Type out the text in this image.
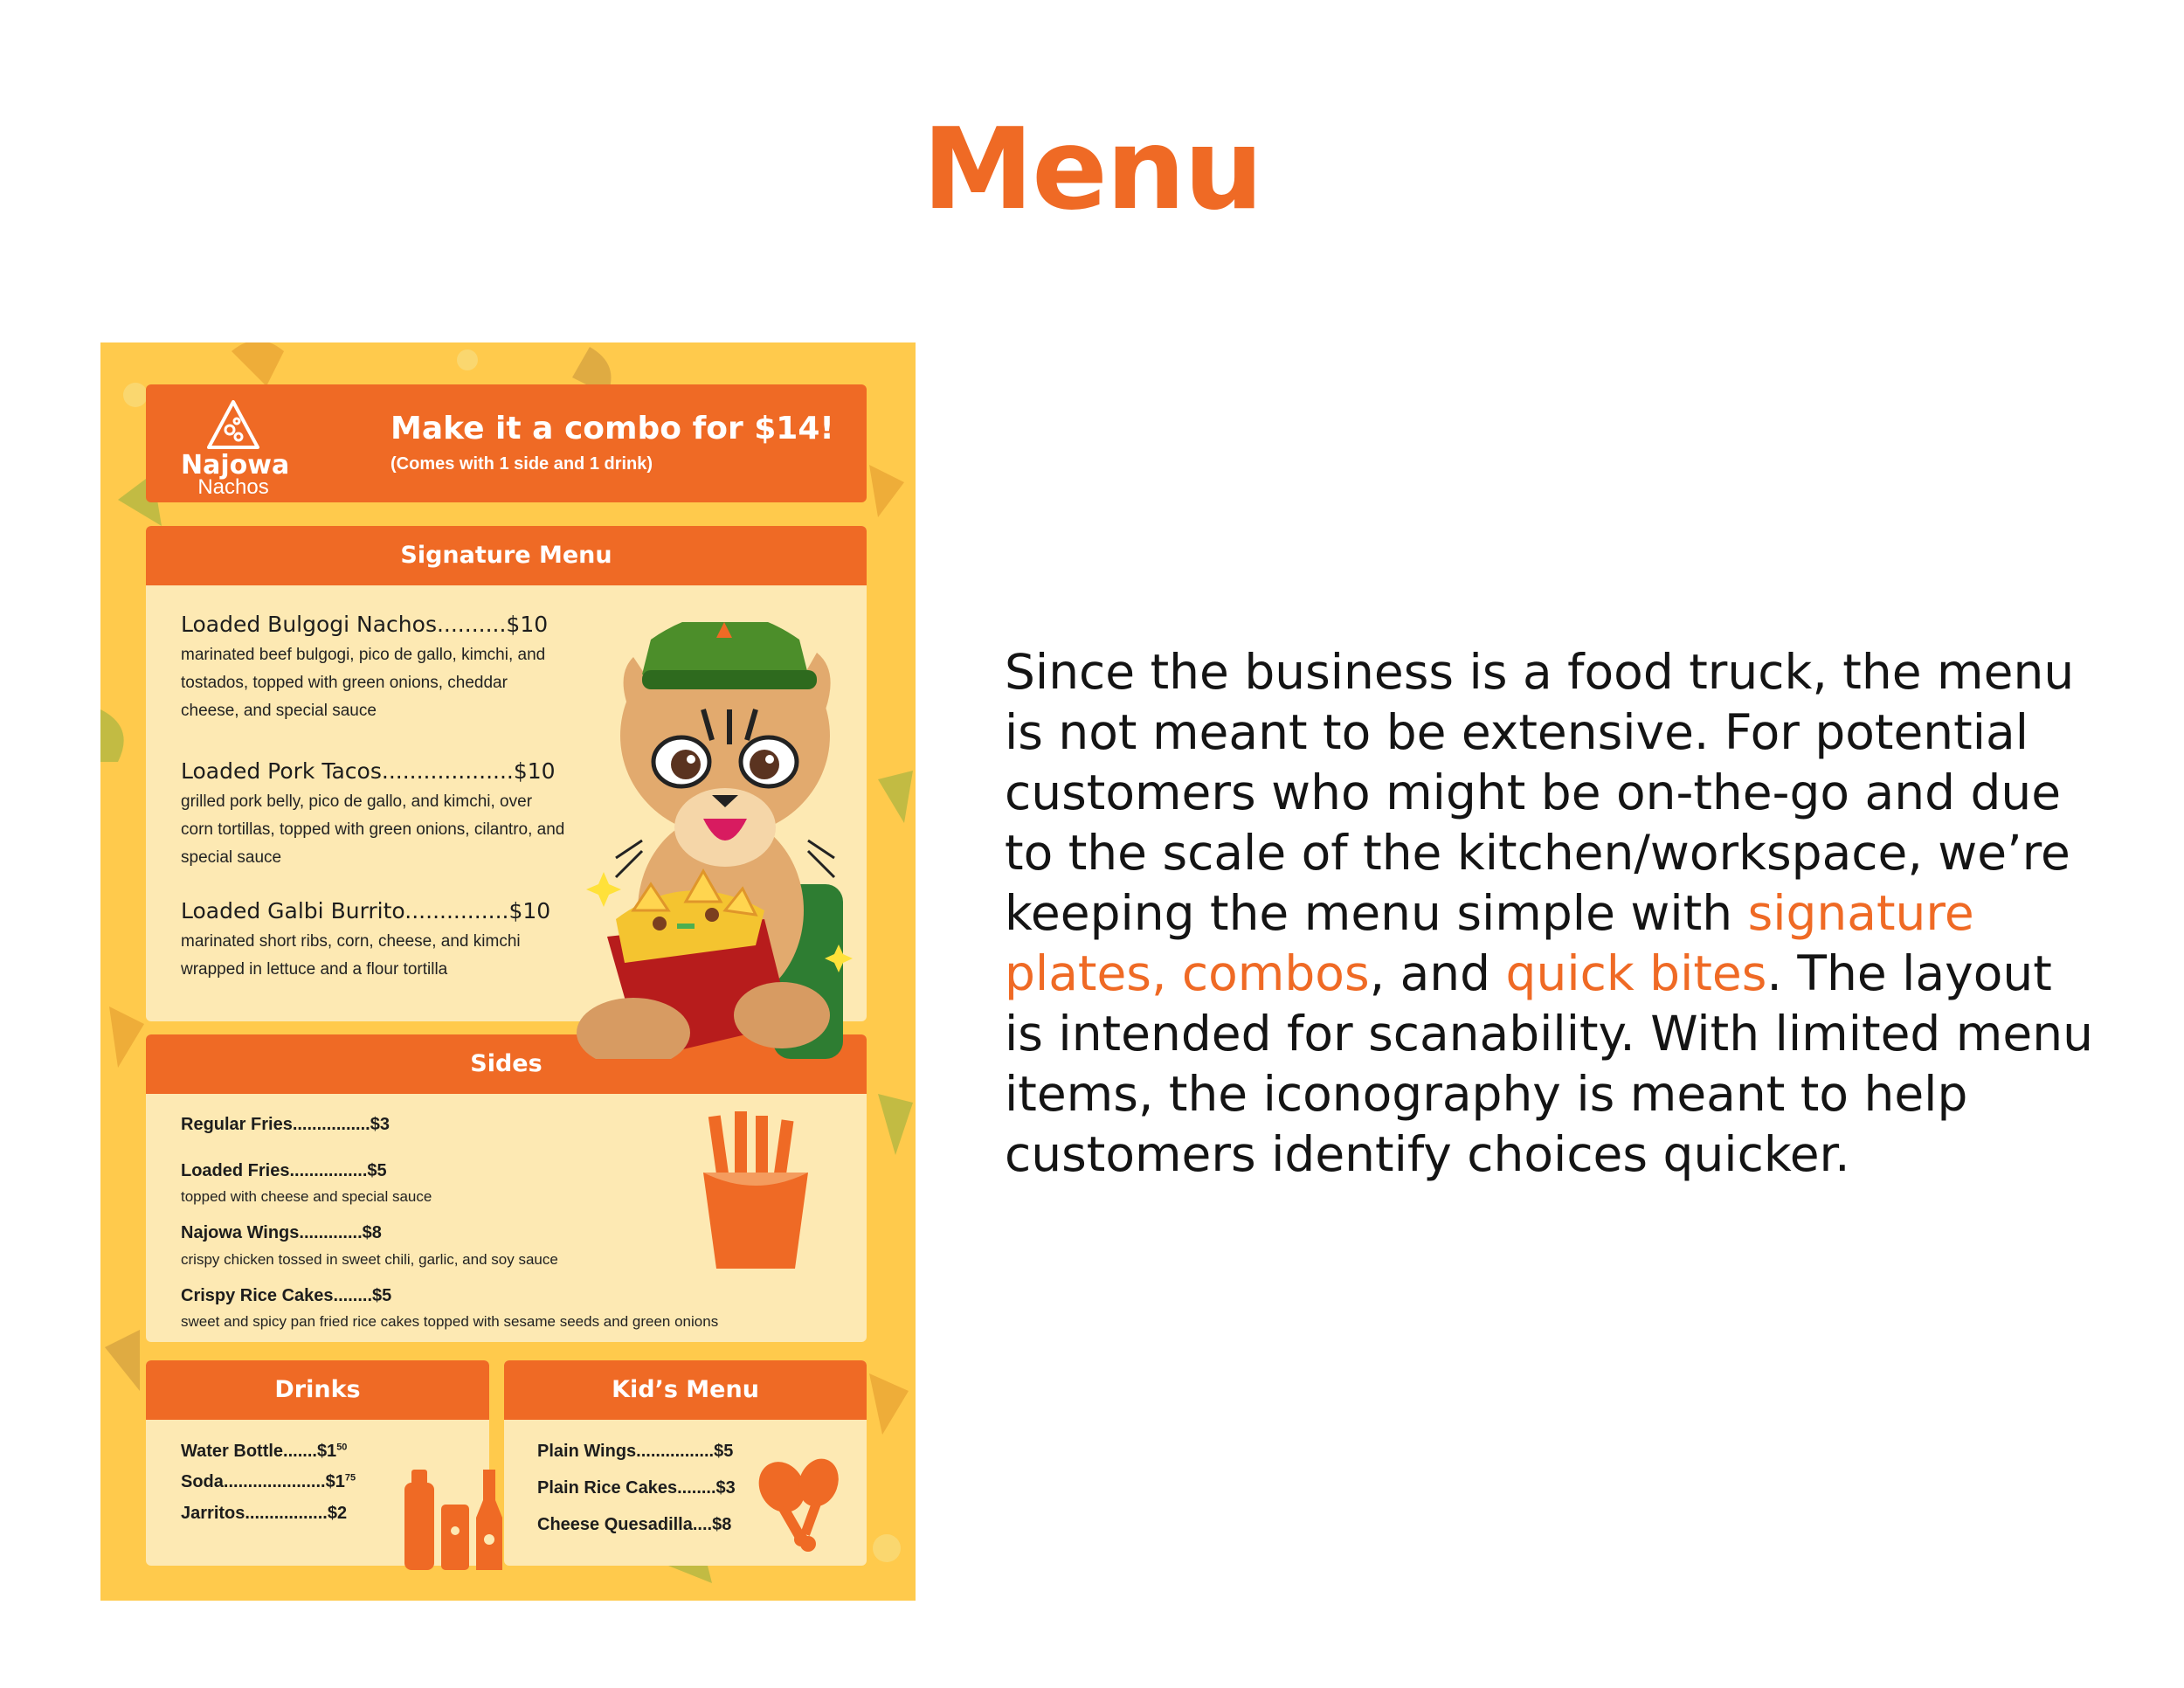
Menu
Najowa
Nachos
Make it a combo for $14!
(Comes with 1 side and 1 drink)
Signature Menu
Loaded Bulgogi Nachos..........$10
marinated beef bulgogi, pico de gallo, kimchi, and tostados, topped with green onions, cheddar cheese, and special sauce
Loaded Pork Tacos...................$10
grilled pork belly, pico de gallo, and kimchi, over corn tortillas, topped with green onions, cilantro, and special sauce
Loaded Galbi Burrito...............$10
marinated short ribs, corn, cheese, and kimchi wrapped in lettuce and a flour tortilla
Sides
Regular Fries................$3
Loaded Fries................$5
topped with cheese and special sauce
Najowa Wings.............$8
crispy chicken tossed in sweet chili, garlic, and soy sauce
Crispy Rice Cakes........$5
sweet and spicy pan fried rice cakes topped with sesame seeds and green onions
Drinks
Water $Bottle.......\$1^{50}$
$Soda.....................\$1^{75}$
Jarritos.................$2
Kid’s Menu
Plain Wings................$5
Plain Rice Cakes........$3
Cheese Quesadilla....$8
Since the business is a food truck, the menu is not meant to be extensive. For potential customers who might be on-the-go and due to the scale of the kitchen/workspace, we’re keeping the menu simple with signature plates, combos, and quick bites. The layout is intended for scanability. With limited menu items, the iconography is meant to help customers identify choices quicker.
